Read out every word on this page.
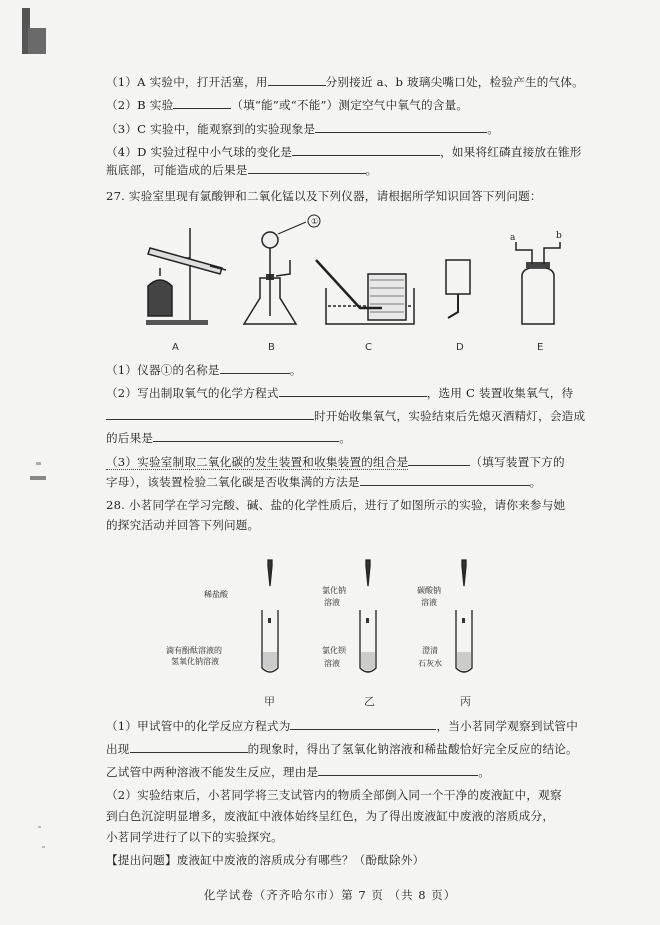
（1）A 实验中，打开活塞，用	分别接近 a、b 玻璃尖嘴口处，检验产生的气体。
（2）B 实验	（填“能”或“不能”）测定空气中氧气的含量。
（3）C 实验中，能观察到的实验现象是	。
（4）D 实验过程中小气球的变化是	，如果将红磷直接放在锥形
瓶底部，可能造成的后果是	。
27. 实验室里现有氯酸钾和二氧化锰以及下列仪器，请根据所学知识回答下列问题：
①
a	b
A	B	C	D	E
（1）仪器①的名称是	。
（2）写出制取氧气的化学方程式	，选用 C 装置收集氧气，待
时开始收集氧气，实验结束后先熄灭酒精灯，会造成
的后果是	。
（3）实验室制取二氧化碳的发生装置和收集装置的组合是	（填写装置下方的
字母），该装置检验二氧化碳是否收集满的方法是	。
28. 小茗同学在学习完酸、碱、盐的化学性质后，进行了如图所示的实验，请你来参与她
的探究活动并回答下列问题。
稀盐酸
滴有酚酞溶液的
氢氧化钠溶液
氯化钠
溶液
氯化钡
溶液
碳酸钠
溶液
澄清
石灰水
甲	乙	丙
（1）甲试管中的化学反应方程式为	，当小茗同学观察到试管中
出现	的现象时，得出了氢氧化钠溶液和稀盐酸恰好完全反应的结论。
乙试管中两种溶液不能发生反应，理由是	。
（2）实验结束后，小茗同学将三支试管内的物质全部倒入同一个干净的废液缸中，观察
到白色沉淀明显增多，废液缸中液体始终呈红色，为了得出废液缸中废液的溶质成分，
小茗同学进行了以下的实验探究。
【提出问题】废液缸中废液的溶质成分有哪些？（酚酞除外）
化学试卷（齐齐哈尔市）第 7 页 （共 8 页）
